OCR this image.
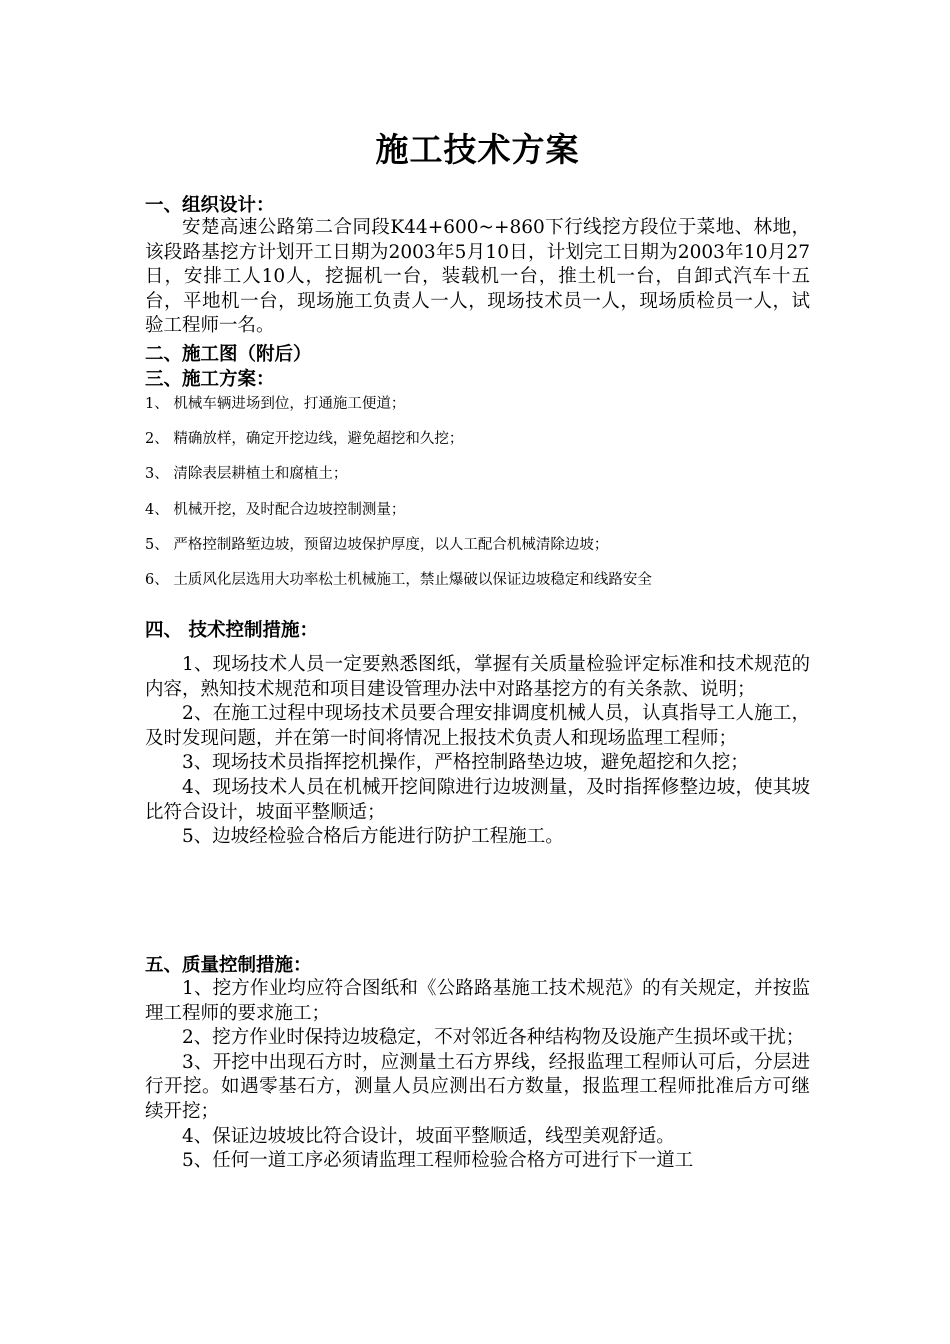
施工技术方案
一、组织设计：

安楚高速公路第二合同段K44+600~+860下行线挖方段位于菜地、林地，该段路基挖方计划开工日期为2003年5月10日，计划完工日期为2003年10月27日，安排工人10人，挖掘机一台，装载机一台，推土机一台，自卸式汽车十五台，平地机一台，现场施工负责人一人，现场技术员一人，现场质检员一人，试验工程师一名。

二、施工图（附后）
三、施工方案：
1、 机械车辆进场到位，打通施工便道；
2、 精确放样，确定开挖边线，避免超挖和久挖；
3、 清除表层耕植土和腐植土；
4、 机械开挖，及时配合边坡控制测量；
5、 严格控制路堑边坡，预留边坡保护厚度，以人工配合机械清除边坡；
6、 土质风化层选用大功率松土机械施工，禁止爆破以保证边坡稳定和线路安全
四、 技术控制措施：

1、现场技术人员一定要熟悉图纸，掌握有关质量检验评定标准和技术规范的内容，熟知技术规范和项目建设管理办法中对路基挖方的有关条款、说明；

2、在施工过程中现场技术员要合理安排调度机械人员，认真指导工人施工，及时发现问题，并在第一时间将情况上报技术负责人和现场监理工程师；

3、现场技术员指挥挖机操作，严格控制路垫边坡，避免超挖和久挖；

4、现场技术人员在机械开挖间隙进行边坡测量，及时指挥修整边坡，使其坡比符合设计，坡面平整顺适；

5、边坡经检验合格后方能进行防护工程施工。

五、质量控制措施：

1、挖方作业均应符合图纸和《公路路基施工技术规范》的有关规定，并按监理工程师的要求施工；

2、挖方作业时保持边坡稳定，不对邻近各种结构物及设施产生损坏或干扰；

3、开挖中出现石方时，应测量土石方界线，经报监理工程师认可后，分层进行开挖。如遇零基石方，测量人员应测出石方数量，报监理工程师批准后方可继续开挖；

4、保证边坡坡比符合设计，坡面平整顺适，线型美观舒适。

5、任何一道工序必须请监理工程师检验合格方可进行下一道工
